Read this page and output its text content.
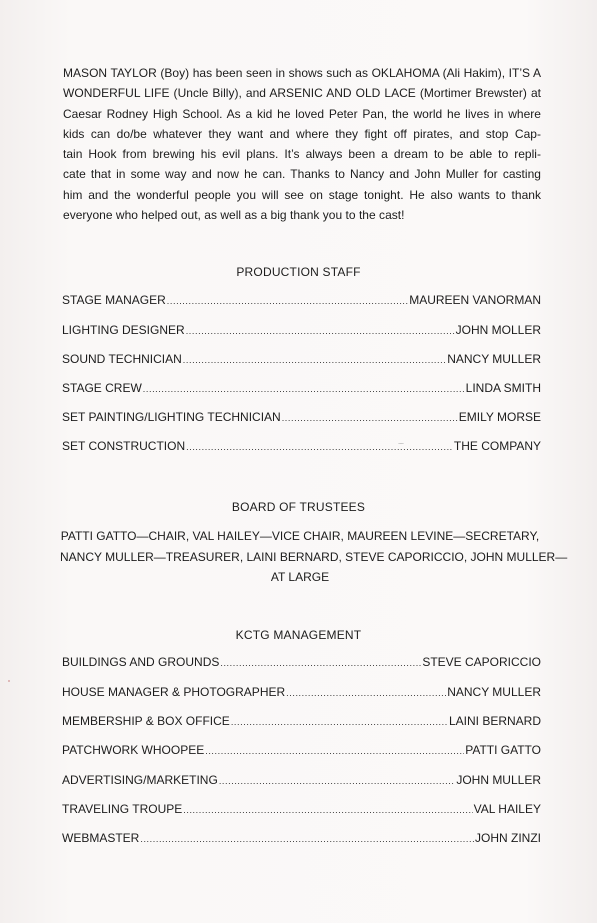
MASON TAYLOR (Boy) has been seen in shows such as OKLAHOMA (Ali Hakim), IT’S A
WONDERFUL LIFE (Uncle Billy), and ARSENIC AND OLD LACE (Mortimer Brewster) at
Caesar Rodney High School. As a kid he loved Peter Pan, the world he lives in where
kids can do/be whatever they want and where they fight off pirates, and stop Cap-
tain Hook from brewing his evil plans. It’s always been a dream to be able to repli-
cate that in some way and now he can. Thanks to Nancy and John Muller for casting
him and the wonderful people you will see on stage tonight. He also wants to thank
everyone who helped out, as well as a big thank you to the cast!
PRODUCTION STAFF
STAGE MANAGER .....	MAUREEN VANORMAN
LIGHTING DESIGNER .....	JOHN MOLLER
SOUND TECHNICIAN .....	NANCY MULLER
STAGE CREW .....	LINDA SMITH
SET PAINTING/LIGHTING TECHNICIAN .....	EMILY MORSE
SET CONSTRUCTION .....	THE COMPANY
BOARD OF TRUSTEES
PATTI GATTO—CHAIR, VAL HAILEY—VICE CHAIR, MAUREEN LEVINE—SECRETARY,
NANCY MULLER—TREASURER, LAINI BERNARD, STEVE CAPORICCIO, JOHN MULLER—
AT LARGE
KCTG MANAGEMENT
BUILDINGS AND GROUNDS .....	STEVE CAPORICCIO
HOUSE MANAGER & PHOTOGRAPHER .....	NANCY MULLER
MEMBERSHIP & BOX OFFICE .....	LAINI BERNARD
PATCHWORK WHOOPEE .....	PATTI GATTO
ADVERTISING/MARKETING .....	JOHN MULLER
TRAVELING TROUPE .....	VAL HAILEY
WEBMASTER .....	JOHN ZINZI
